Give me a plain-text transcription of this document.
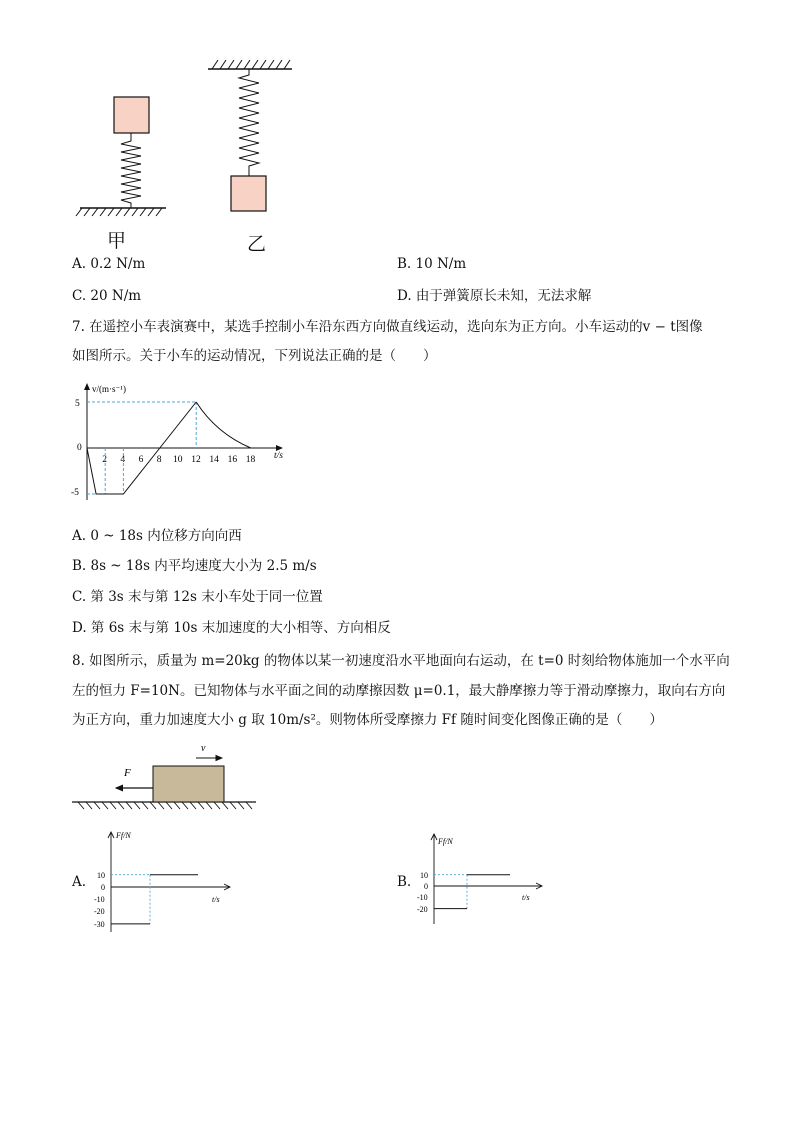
甲	乙
A. 0.2 N/m	B. 10 N/m
C. 20 N/m	D. 由于弹簧原长未知，无法求解
7. 在遥控小车表演赛中，某选手控制小车沿东西方向做直线运动，选向东为正方向。小车运动的v − t图像
如图所示。关于小车的运动情况，下列说法正确的是（　　）
v/(m·s⁻¹)
t/s
5
0
-5
2 4 6 8 10 12 14 16 18
A. 0 ~ 18s 内位移方向向西
B. 8s ~ 18s 内平均速度大小为 2.5 m/s
C. 第 3s 末与第 12s 末小车处于同一位置
D. 第 6s 末与第 10s 末加速度的大小相等、方向相反
8. 如图所示，质量为 m=20kg 的物体以某一初速度沿水平地面向右运动，在 t=0 时刻给物体施加一个水平向
左的恒力 F=10N。已知物体与水平面之间的动摩擦因数 μ=0.1，最大静摩擦力等于滑动摩擦力，取向右方向
为正方向，重力加速度大小 g 取 10m/s²。则物体所受摩擦力 Ff 随时间变化图像正确的是（　　）
F
v
A.
Ff/N
t/s
10
0
-10
-20
-30
B.
Ff/N
t/s
10
0
-10
-20
